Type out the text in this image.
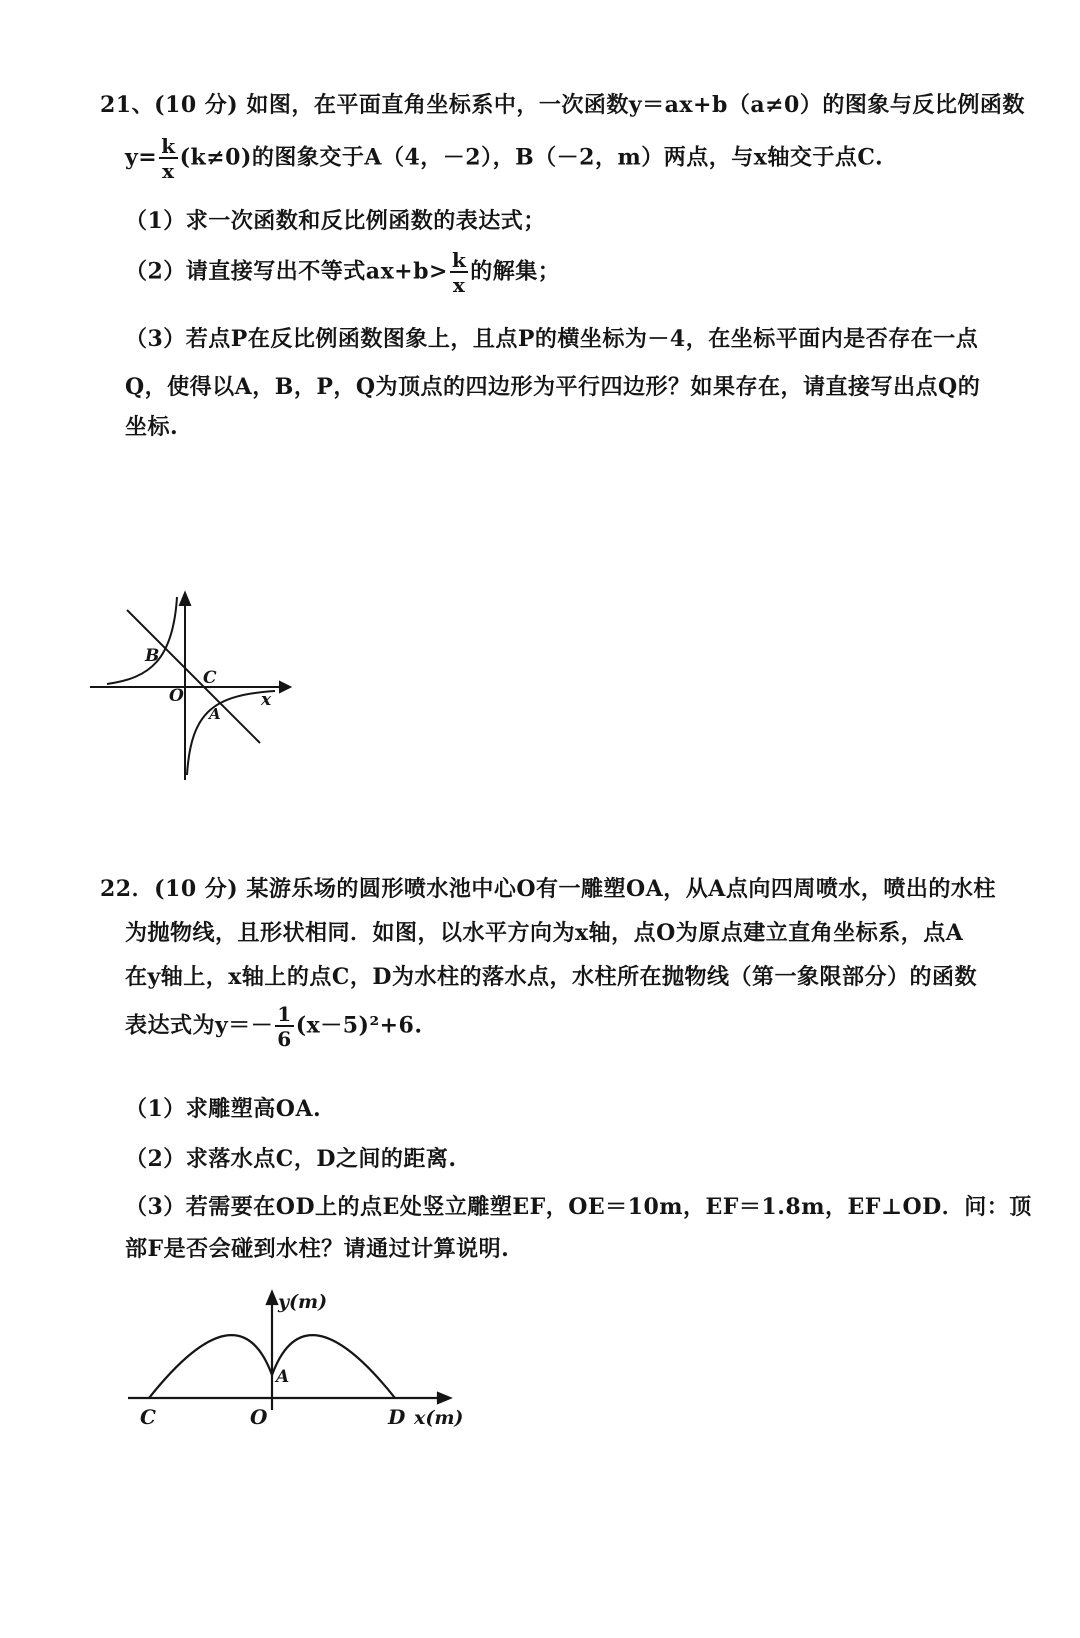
21、(10 分) 如图，在平面直角坐标系中，一次函数y＝ax+b（a≠0）的图象与反比例函数
$y= \frac{k}{x} (k\ne 0)$的图象交于A（4，－2），B（－2，m）两点，与x轴交于点C.
（1）求一次函数和反比例函数的表达式；
（2）请直接写出不等式$ax+b> \frac{k}{x}$ 的解集；
（3）若点P在反比例函数图象上，且点P的横坐标为－4，在坐标平面内是否存在一点
Q，使得以A，B，P，Q为顶点的四边形为平行四边形？如果存在，请直接写出点Q的
坐标.
B
C
O
A
x
22．(10 分) 某游乐场的圆形喷水池中心O有一雕塑OA，从A点向四周喷水，喷出的水柱
为抛物线，且形状相同．如图，以水平方向为x轴，点O为原点建立直角坐标系，点A
在y轴上，x轴上的点C，D为水柱的落水点，水柱所在抛物线（第一象限部分）的函数
表达式为$y=- \frac{1}{6} (x-5)^2+6$.
（1）求雕塑高OA.
（2）求落水点C，D之间的距离.
（3）若需要在OD上的点E处竖立雕塑EF，OE＝10m，EF＝1.8m，EF⊥OD．问：顶
部F是否会碰到水柱？请通过计算说明.
y(m)
A
C	O	D x(m)
